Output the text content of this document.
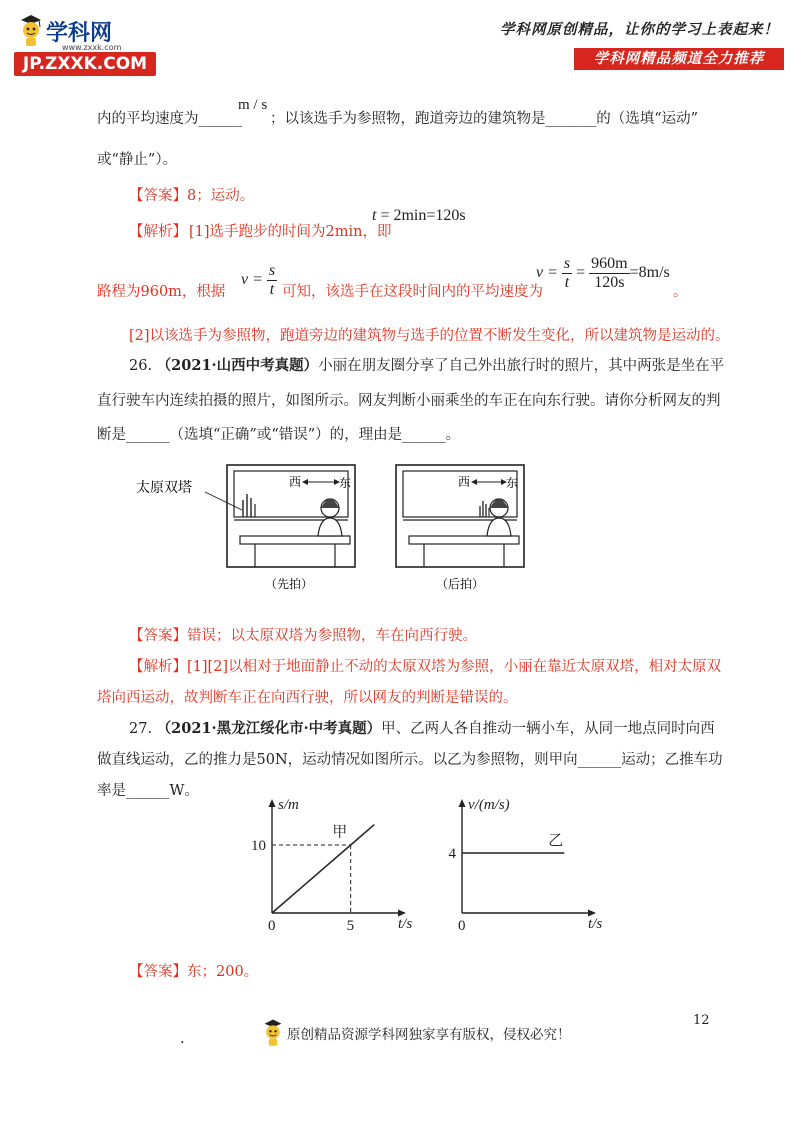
学科网
www.zxxk.com
JP.ZXXK.COM
学科网原创精品，让你的学习上表起来！
学科网精品频道全力推荐
内的平均速度为______
m / s
；以该选手为参照物，跑道旁边的建筑物是_______的（选填“运动”
或“静止”）。
【答案】8；运动。
【解析】 [1]选手跑步的时间为2min，即
t = 2min=120s
路程为960m，根据
$v = \frac{s}{t}$ 可知，该选手在这段时间内的平均速度为
$v = \frac{s}{t} = \frac{960m}{120s} =8m/s$
。
[2]以该选手为参照物，跑道旁边的建筑物与选手的位置不断发生变化，所以建筑物是运动的。
26. （2021·山西中考真题）小丽在朋友圈分享了自己外出旅行时的照片，其中两张是坐在平
直行驶车内连续拍摄的照片，如图所示。网友判断小丽乘坐的车正在向东行驶。请你分析网友的判
断是______（选填“正确”或“错误”）的，理由是______。
西	东
太原双塔
（先拍）
西	东
（后拍）
【答案】错误；以太原双塔为参照物，车在向西行驶。
【解析】[1][2]以相对于地面静止不动的太原双塔为参照，小丽在靠近太原双塔，相对太原双
塔向西运动，故判断车正在向西行驶，所以网友的判断是错误的。
27. （2021·黑龙江绥化市·中考真题）甲、乙两人各自推动一辆小车，从同一地点同时向西
做直线运动，乙的推力是50N，运动情况如图所示。以乙为参照物，则甲向______运动；乙推车功
率是______W。
s/m
t/s
0	5
10
甲
v/(m/s)
t/s
0
4
乙
【答案】东；200。
12
.	原创精品资源学科网独家享有版权，侵权必究！
